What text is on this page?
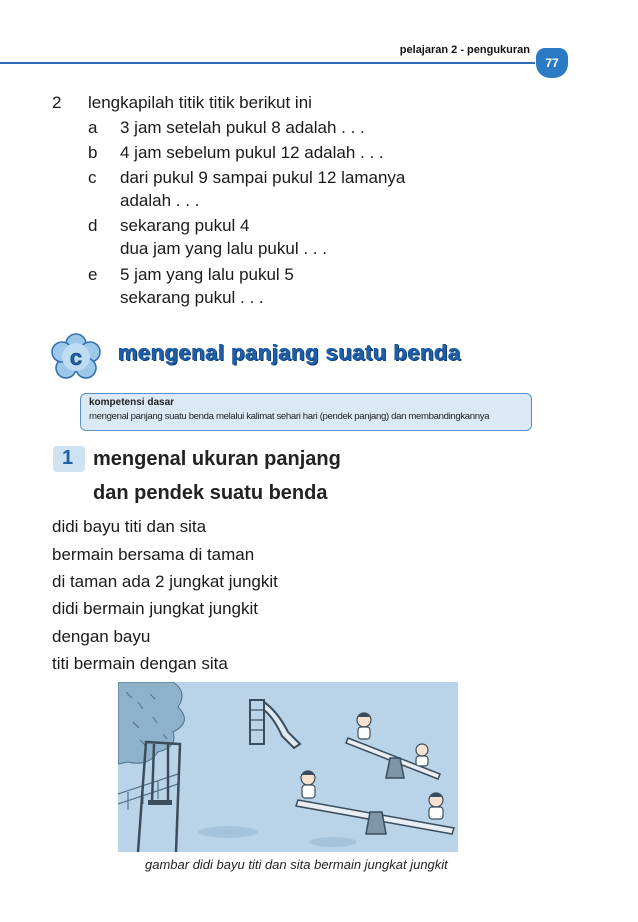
pelajaran 2 - pengukuran
77
2 lengkapilah titik titik berikut ini
a 3 jam setelah pukul 8 adalah . . .
b 4 jam sebelum pukul 12 adalah . . .
c dari pukul 9 sampai pukul 12 lamanya
adalah . . .
d sekarang pukul 4
dua jam yang lalu pukul . . .
e 5 jam yang lalu pukul 5
sekarang pukul . . .
c mengenal panjang suatu benda
kompetensi dasar
mengenal panjang suatu benda melalui kalimat sehari hari (pendek panjang) dan membandingkannya
1 mengenal ukuran panjang
dan pendek suatu benda
didi bayu titi dan sita
bermain bersama di taman
di taman ada 2 jungkat jungkit
didi bermain jungkat jungkit
dengan bayu
titi bermain dengan sita
gambar didi bayu titi dan sita bermain jungkat jungkit
